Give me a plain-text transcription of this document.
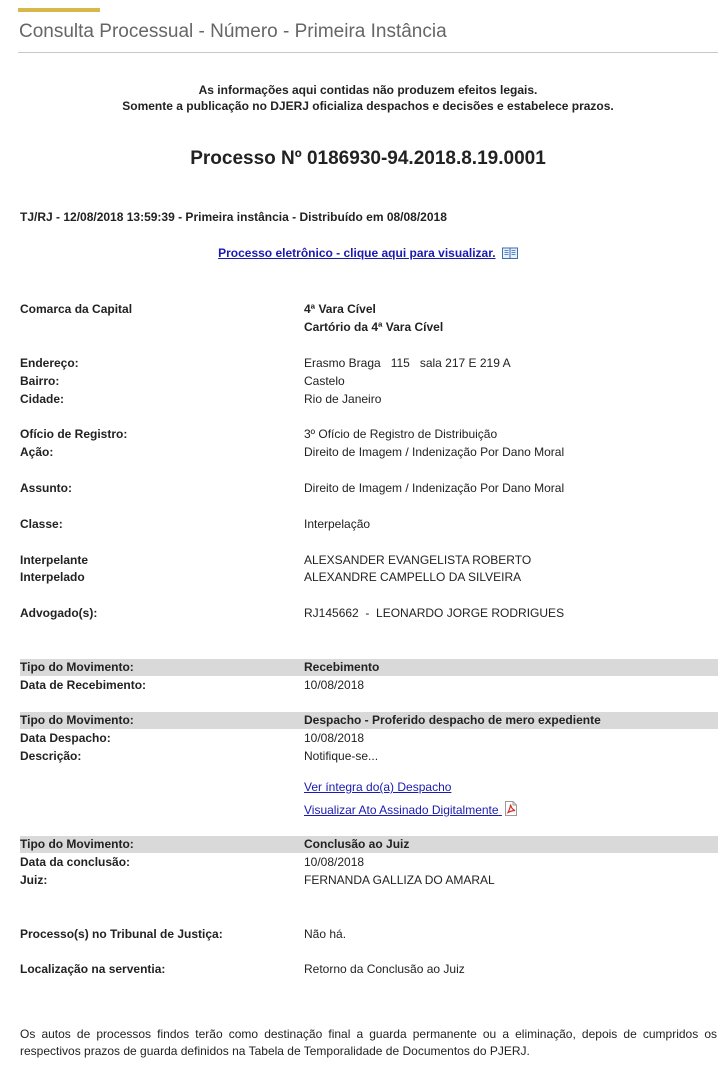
Consulta Processual - Número - Primeira Instância
As informações aqui contidas não produzem efeitos legais.
Somente a publicação no DJERJ oficializa despachos e decisões e estabelece prazos.
Processo Nº 0186930-94.2018.8.19.0001
TJ/RJ - 12/08/2018 13:59:39 - Primeira instância - Distribuído em 08/08/2018
Processo eletrônico - clique aqui para visualizar.
Comarca da Capital	4ª Vara Cível
Cartório da 4ª Vara Cível
Endereço:	Erasmo Braga   115   sala 217 E 219 A
Bairro:	Castelo
Cidade:	Rio de Janeiro
Ofício de Registro:	3º Ofício de Registro de Distribuição
Ação:	Direito de Imagem / Indenização Por Dano Moral
Assunto:	Direito de Imagem / Indenização Por Dano Moral
Classe:	Interpelação
Interpelante	ALEXSANDER EVANGELISTA ROBERTO
Interpelado	ALEXANDRE CAMPELLO DA SILVEIRA
Advogado(s):	RJ145662  -  LEONARDO JORGE RODRIGUES
Tipo do Movimento:	Recebimento
Data de Recebimento:	10/08/2018
Tipo do Movimento:	Despacho - Proferido despacho de mero expediente
Data Despacho:	10/08/2018
Descrição:	Notifique-se...
Ver íntegra do(a) Despacho
Visualizar Ato Assinado Digitalmente
Tipo do Movimento:	Conclusão ao Juiz
Data da conclusão:	10/08/2018
Juiz:	FERNANDA GALLIZA DO AMARAL
Processo(s) no Tribunal de Justiça:	Não há.
Localização na serventia:	Retorno da Conclusão ao Juiz
Os autos de processos findos terão como destinação final a guarda permanente ou a eliminação, depois de cumpridos os respectivos prazos de guarda definidos na Tabela de Temporalidade de Documentos do PJERJ.
